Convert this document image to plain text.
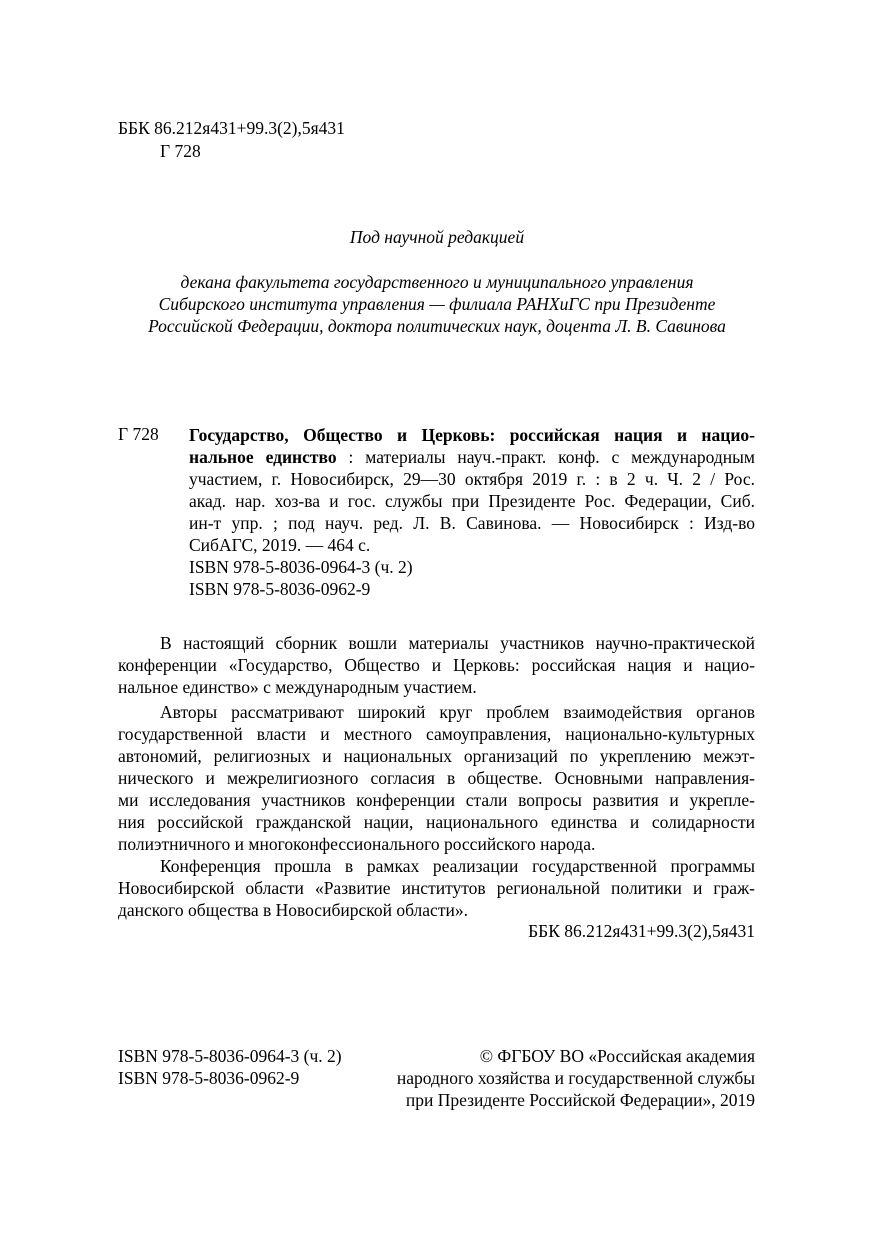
ББК 86.212я431+99.3(2),5я431
Г 728
Под научной редакцией
декана факультета государственного и муниципального управления
Сибирского института управления — филиала РАНХиГС при Президенте
Российской Федерации, доктора политических наук, доцента Л. В. Савинова
Г 728 Государство, Общество и Церковь: российская нация и нацио-
нальное единство : материалы науч.-практ. конф. с международным
участием, г. Новосибирск, 29—30 октября 2019 г. : в 2 ч. Ч. 2 / Рос.
акад. нар. хоз-ва и гос. службы при Президенте Рос. Федерации, Сиб.
ин-т упр. ; под науч. ред. Л. В. Савинова. — Новосибирск : Изд-во
СибАГС, 2019. — 464 с.
ISBN 978-5-8036-0964-3 (ч. 2)
ISBN 978-5-8036-0962-9
В настоящий сборник вошли материалы участников научно-практической
конференции «Государство, Общество и Церковь: российская нация и нацио-
нальное единство» с международным участием.
Авторы рассматривают широкий круг проблем взаимодействия органов
государственной власти и местного самоуправления, национально-культурных
автономий, религиозных и национальных организаций по укреплению межэт-
нического и межрелигиозного согласия в обществе. Основными направления-
ми исследования участников конференции стали вопросы развития и укрепле-
ния российской гражданской нации, национального единства и солидарности
полиэтничного и многоконфессионального российского народа.
Конференция прошла в рамках реализации государственной программы
Новосибирской области «Развитие институтов региональной политики и граж-
данского общества в Новосибирской области».
ББК 86.212я431+99.3(2),5я431
ISBN 978-5-8036-0964-3 (ч. 2)
ISBN 978-5-8036-0962-9
© ФГБОУ ВО «Российская академия
народного хозяйства и государственной службы
при Президенте Российской Федерации», 2019
